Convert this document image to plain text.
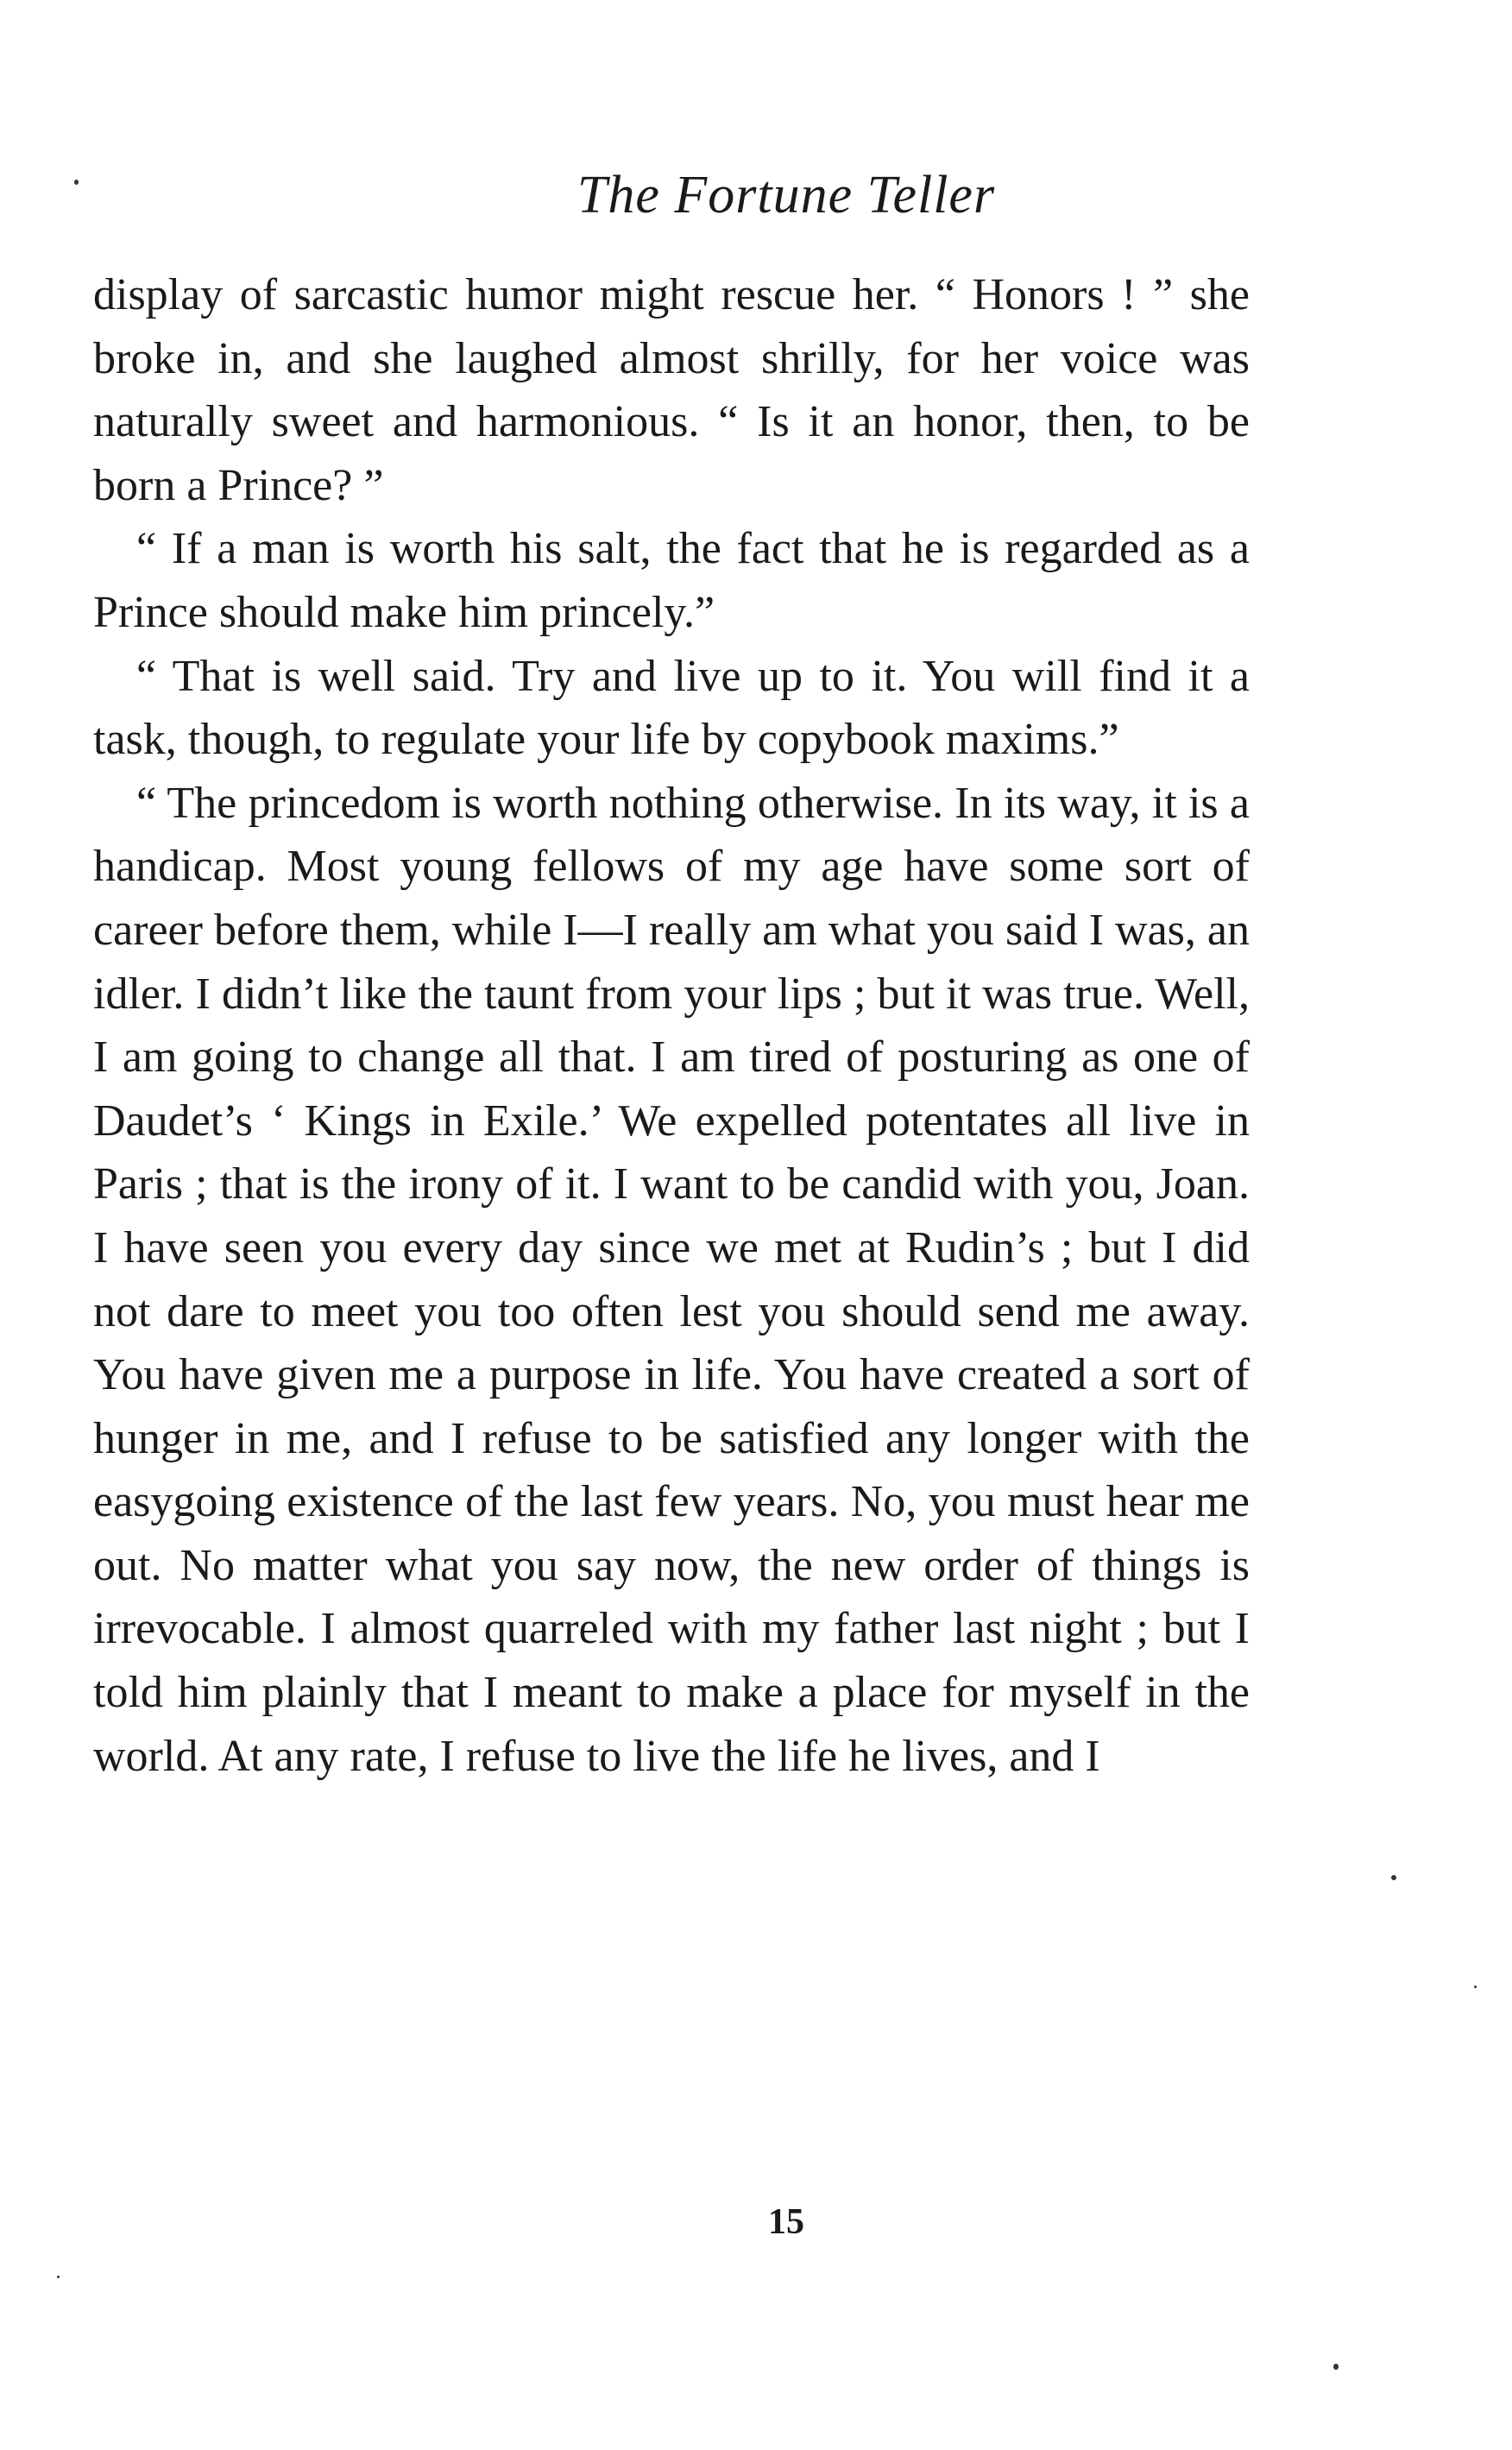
The Fortune Teller

display of sarcastic humor might rescue her. “ Honors ! ” she broke in, and she laughed almost shrilly, for her voice was naturally sweet and harmonious. “ Is it an honor, then, to be born a Prince? ”

“ If a man is worth his salt, the fact that he is regarded as a Prince should make him princely.”

“ That is well said. Try and live up to it. You will find it a task, though, to regulate your life by copybook maxims.”

“ The princedom is worth nothing otherwise. In its way, it is a handicap. Most young fellows of my age have some sort of career before them, while I—I really am what you said I was, an idler. I didn’t like the taunt from your lips ; but it was true. Well, I am going to change all that. I am tired of posturing as one of Daudet’s ‘ Kings in Exile.’ We expelled potentates all live in Paris ; that is the irony of it. I want to be candid with you, Joan. I have seen you every day since we met at Rudin’s ; but I did not dare to meet you too often lest you should send me away. You have given me a purpose in life. You have created a sort of hunger in me, and I refuse to be satisfied any longer with the easygoing existence of the last few years. No, you must hear me out. No matter what you say now, the new order of things is irrevocable. I almost quarreled with my father last night ; but I told him plainly that I meant to make a place for myself in the world. At any rate, I refuse to live the life he lives, and I

15
